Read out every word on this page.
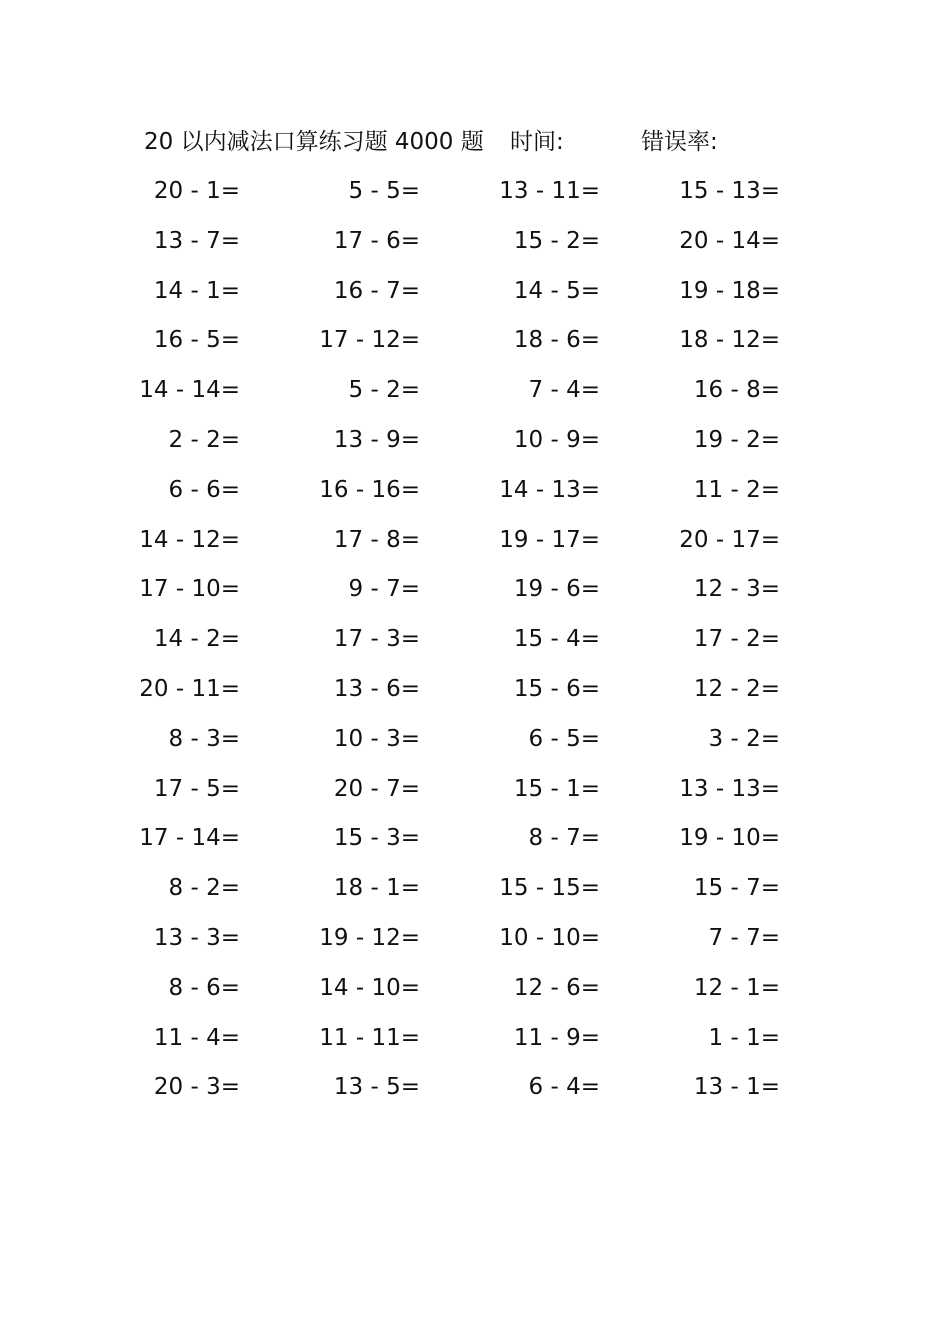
20 以内减法口算练习题 4000 题 时间:	错误率:
20 - 1=	5 - 5=	13 - 11=	15 - 13=
13 - 7=	17 - 6=	15 - 2=	20 - 14=
14 - 1=	16 - 7=	14 - 5=	19 - 18=
16 - 5=	17 - 12=	18 - 6=	18 - 12=
14 - 14=	5 - 2=	7 - 4=	16 - 8=
2 - 2=	13 - 9=	10 - 9=	19 - 2=
6 - 6=	16 - 16=	14 - 13=	11 - 2=
14 - 12=	17 - 8=	19 - 17=	20 - 17=
17 - 10=	9 - 7=	19 - 6=	12 - 3=
14 - 2=	17 - 3=	15 - 4=	17 - 2=
20 - 11=	13 - 6=	15 - 6=	12 - 2=
8 - 3=	10 - 3=	6 - 5=	3 - 2=
17 - 5=	20 - 7=	15 - 1=	13 - 13=
17 - 14=	15 - 3=	8 - 7=	19 - 10=
8 - 2=	18 - 1=	15 - 15=	15 - 7=
13 - 3=	19 - 12=	10 - 10=	7 - 7=
8 - 6=	14 - 10=	12 - 6=	12 - 1=
11 - 4=	11 - 11=	11 - 9=	1 - 1=
20 - 3=	13 - 5=	6 - 4=	13 - 1=
